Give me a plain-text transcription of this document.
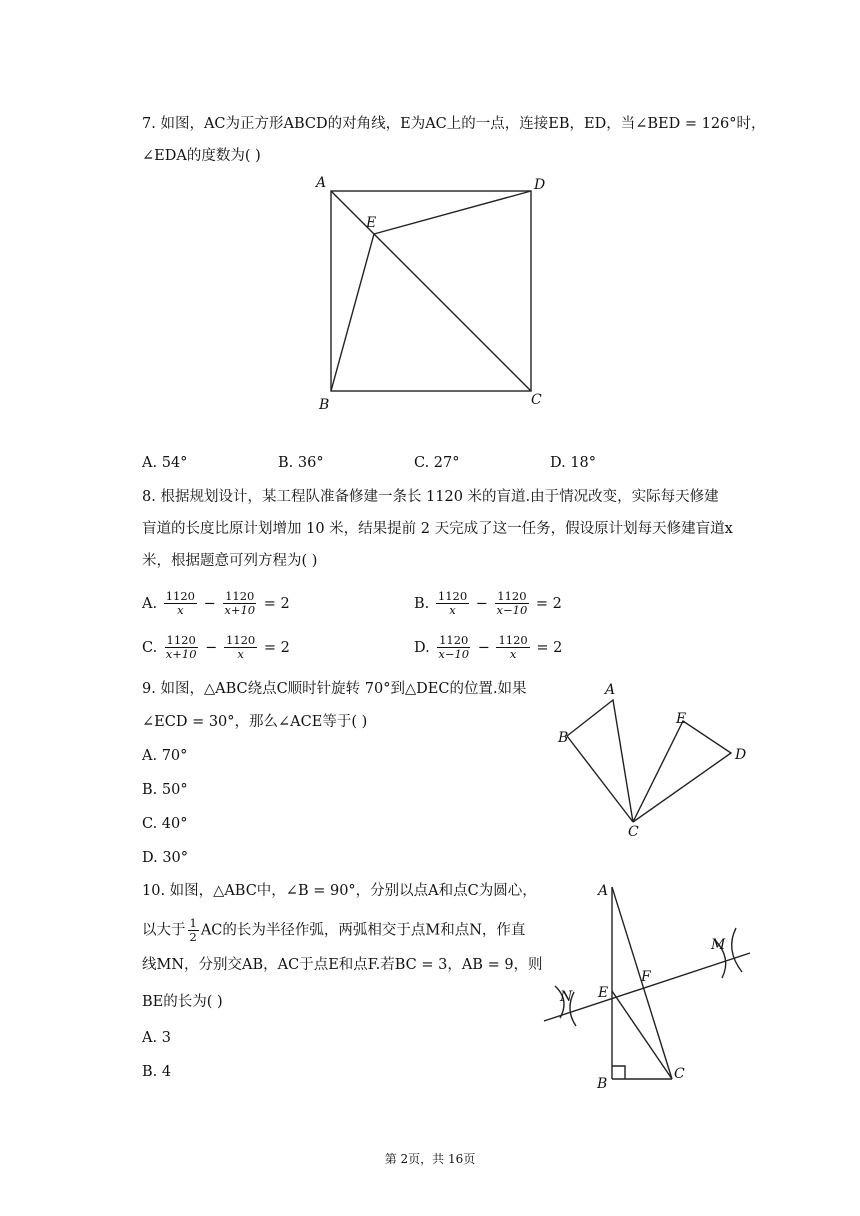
7. 如图，AC为正方形ABCD的对角线，E为AC上的一点，连接EB，ED，当∠BED = 126°时，
∠EDA的度数为( )
A	D
E
B	C
A. 54°	B. 36°	C. 27°	D. 18°
8. 根据规划设计，某工程队准备修建一条长 1120 米的盲道.由于情况改变，实际每天修建
盲道的长度比原计划增加 10 米，结果提前 2 天完成了这一任务，假设原计划每天修建盲道x
米，根据题意可列方程为( )
A. $\frac{1120}{x} - \frac{1120}{x+10} = 2$	B. $\frac{1120}{x} - \frac{1120}{x-10} = 2$
C. $\frac{1120}{x+10} - \frac{1120}{x} = 2$	D. $\frac{1120}{x-10} - \frac{1120}{x} = 2$
9. 如图，△ABC绕点C顺时针旋转 70°到△DEC的位置.如果
∠ECD = 30°，那么∠ACE等于( )
A. 70°
B. 50°
C. 40°
D. 30°
A
B
C
E
D
10. 如图，△ABC中，∠B = 90°，分别以点A和点C为圆心，
以大于 $\frac{1}{2}$ AC的长为半径作弧，两弧相交于点M和点N，作直
线MN，分别交AB，AC于点E和点F.若BC = 3，AB = 9，则
BE的长为( )
A. 3
B. 4
A
B
C
E
F
M
N
第 2页，共 16页
